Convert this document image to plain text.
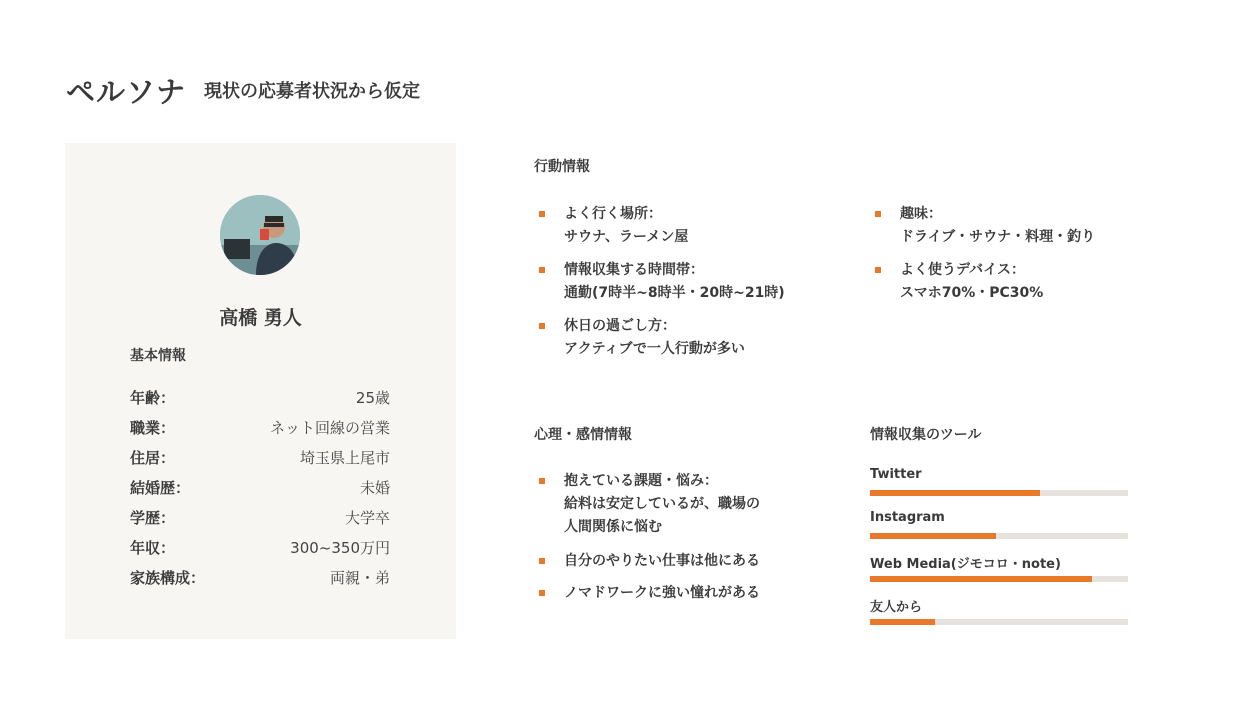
ペルソナ 現状の応募者状況から仮定
高橋 勇人
基本情報
年齢：	25歳
職業：	ネット回線の営業
住居：	埼玉県上尾市
結婚歴：	未婚
学歴：	大学卒
年収：	300~350万円
家族構成：	両親・弟
行動情報
よく行く場所：
サウナ、ラーメン屋
情報収集する時間帯：
通勤(7時半~8時半・20時~21時)
休日の過ごし方：
アクティブで一人行動が多い
趣味：
ドライブ・サウナ・料理・釣り
よく使うデバイス：
スマホ70%・PC30%
心理・感情情報
抱えている課題・悩み：
給料は安定しているが、職場の
人間関係に悩む
自分のやりたい仕事は他にある
ノマドワークに強い憧れがある
情報収集のツール
Twitter
Instagram
Web Media(ジモコロ・note)
友人から
